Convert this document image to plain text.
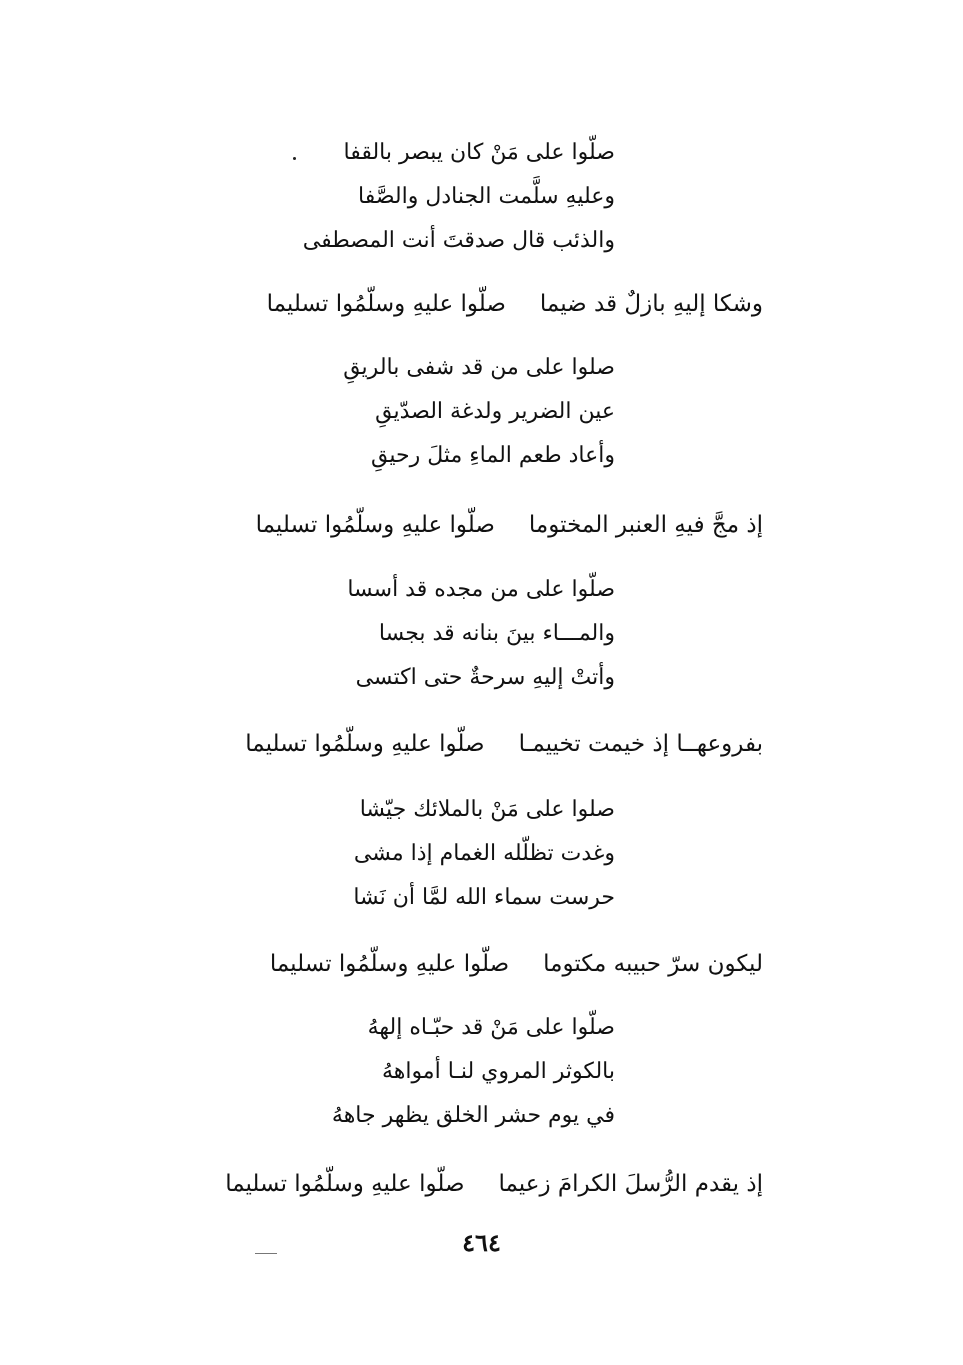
صلّوا على مَنْ كان يبصر بالقفا
وعليهِ سلَّمت الجنادل والصَّفا
والذئب قال صدقتَ أنت المصطفى
وشكا إليهِ بازلٌ قد ضيماصلّوا عليهِ وسلّمُوا تسليما
صلوا على من قد شفى بالريقِ
عين الضرير ولدغة الصدّيقِ
وأعاد طعم الماءِ مثلَ رحيقِ
إذ مجَّ فيهِ العنبر المختوماصلّوا عليهِ وسلّمُوا تسليما
صلّوا على من مجده قد أسسا
والمـــاء بينَ بنانه قد بجسا
وأتتْ إليهِ سرحةٌ حتى اكتسى
بفروعهــا إذ خيمت تخييمـاصلّوا عليهِ وسلّمُوا تسليما
صلوا على مَنْ بالملائك جيّشا
وغدت تظلّله الغمام إذا مشى
حرست سماء الله لمَّا أن نَشا
ليكون سرّ حبيبه مكتوماصلّوا عليهِ وسلّمُوا تسليما
صلّوا على مَنْ قد حبّـاه إلههُ
بالكوثر المروي لنـا أمواههُ
في يوم حشر الخلق يظهر جاههُ
إذ يقدم الرُّسلَ الكرامَ زعيماصلّوا عليهِ وسلّمُوا تسليما
٤٦٤
